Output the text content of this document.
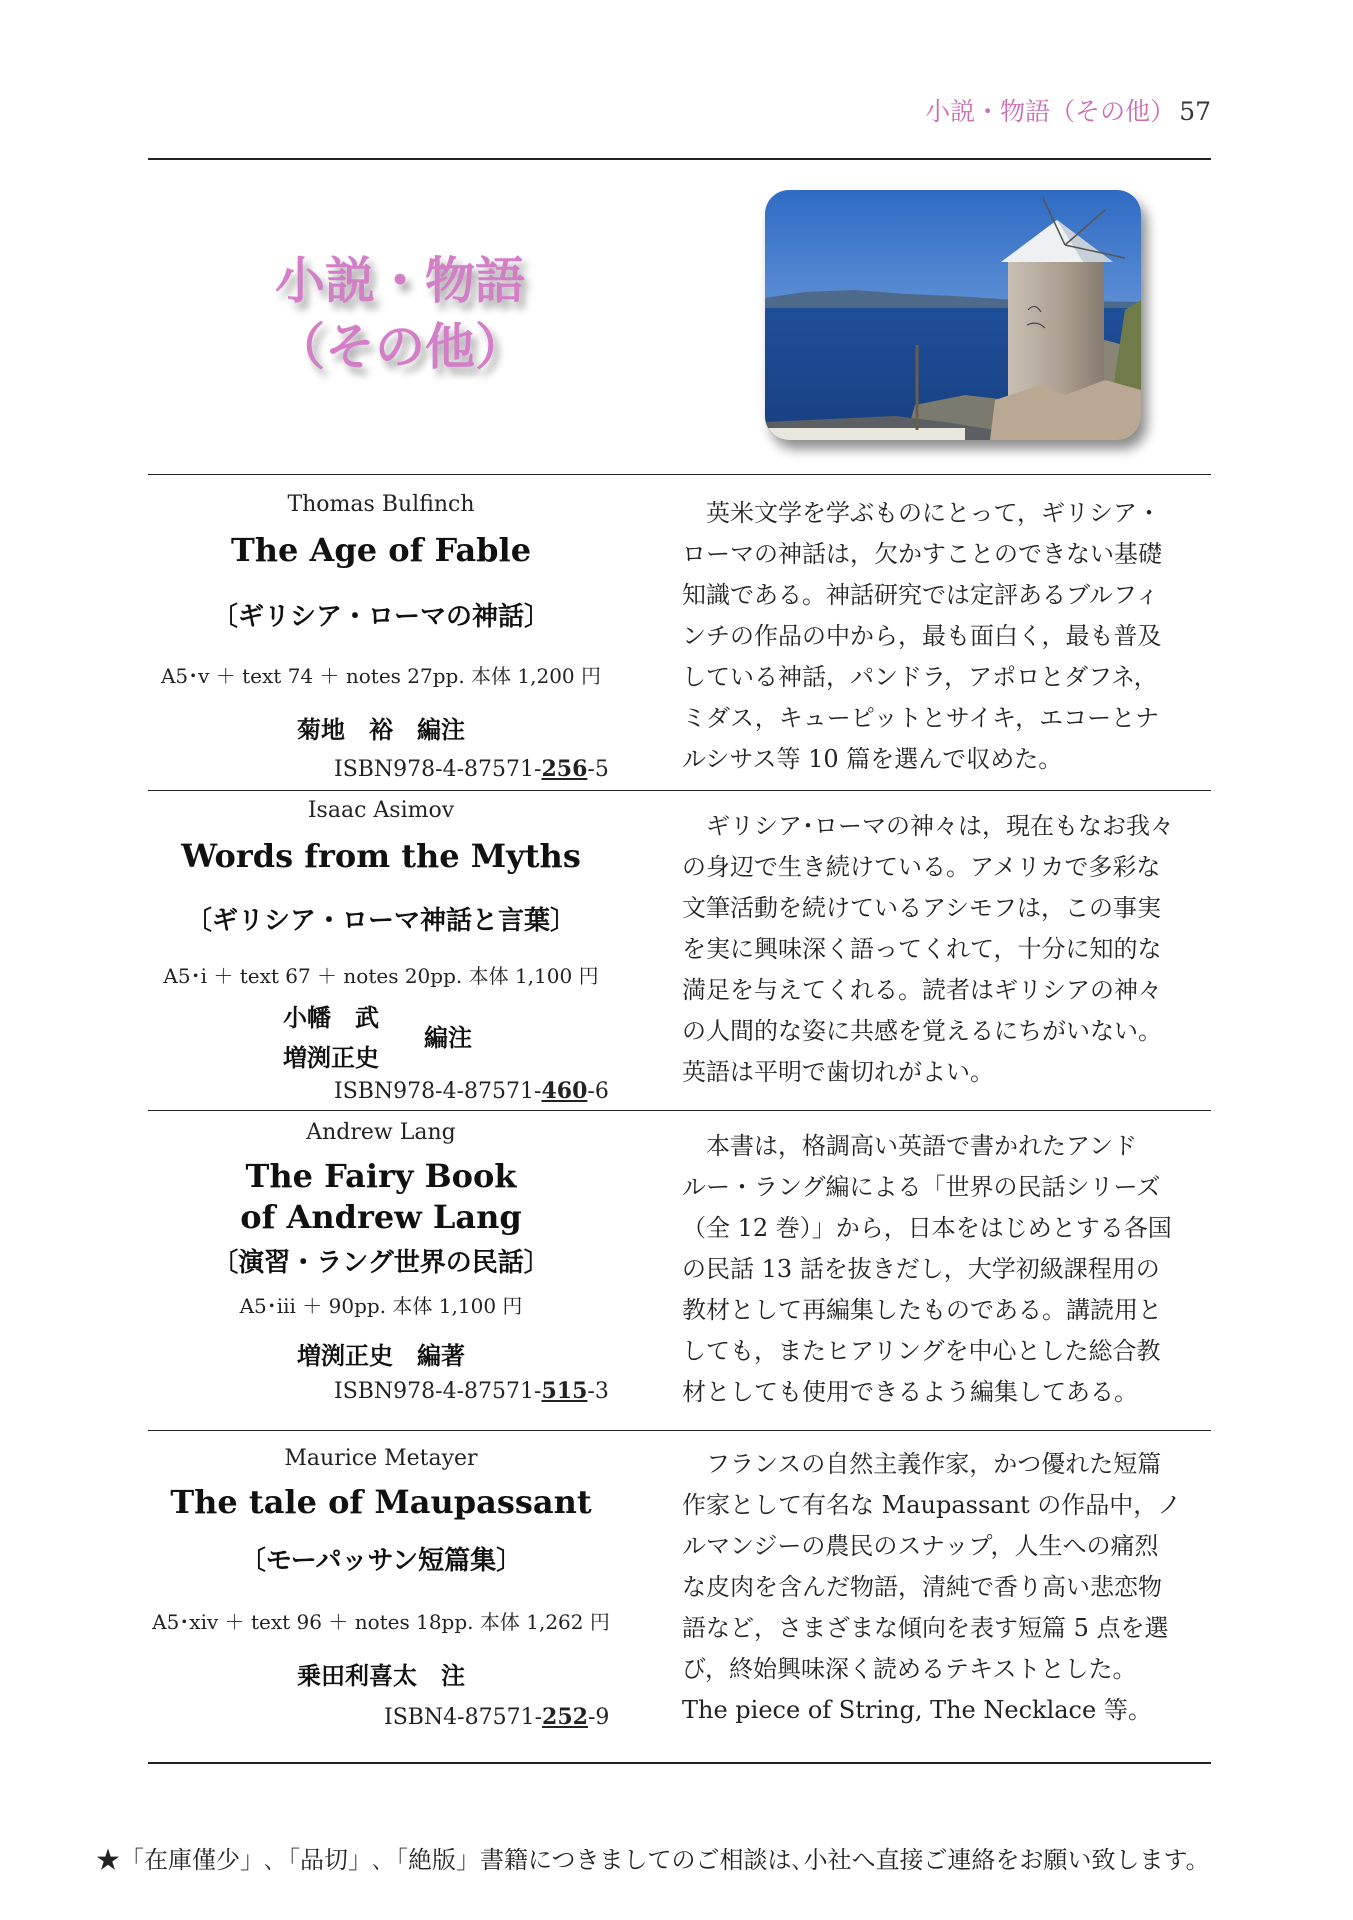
小説・物語（その他） 57
小説・物語
（その他）
Thomas Bulfinch
The Age of Fable
〔ギリシア・ローマの神話〕
A5･v ＋ text 74 ＋ notes 27pp. 本体 1,200 円
菊地　裕　編注
ISBN978-4-87571-256-5
　英米文学を学ぶものにとって，ギリシア・
ローマの神話は，欠かすことのできない基礎
知識である。神話研究では定評あるブルフィ
ンチの作品の中から，最も面白く，最も普及
している神話，パンドラ，アポロとダフネ，
ミダス，キューピットとサイキ，エコーとナ
ルシサス等 10 篇を選んで収めた。
Isaac Asimov
Words from the Myths
〔ギリシア・ローマ神話と言葉〕
A5･i ＋ text 67 ＋ notes 20pp. 本体 1,100 円
小幡　武
増渕正史
編注
ISBN978-4-87571-460-6
　ギリシア･ローマの神々は，現在もなお我々
の身辺で生き続けている。アメリカで多彩な
文筆活動を続けているアシモフは，この事実
を実に興味深く語ってくれて，十分に知的な
満足を与えてくれる。読者はギリシアの神々
の人間的な姿に共感を覚えるにちがいない。
英語は平明で歯切れがよい。
Andrew Lang
The Fairy Book
of Andrew Lang
〔演習・ラング世界の民話〕
A5･iii ＋ 90pp. 本体 1,100 円
増渕正史　編著
ISBN978-4-87571-515-3
　本書は，格調高い英語で書かれたアンド
ルー・ラング編による「世界の民話シリーズ
（全 12 巻）」から，日本をはじめとする各国
の民話 13 話を抜きだし，大学初級課程用の
教材として再編集したものである。講読用と
しても，またヒアリングを中心とした総合教
材としても使用できるよう編集してある。
Maurice Metayer
The tale of Maupassant
〔モーパッサン短篇集〕
A5･xiv ＋ text 96 ＋ notes 18pp. 本体 1,262 円
乗田利喜太　注
ISBN4-87571-252-9
　フランスの自然主義作家，かつ優れた短篇
作家として有名な Maupassant の作品中，ノ
ルマンジーの農民のスナップ，人生への痛烈
な皮肉を含んだ物語，清純で香り高い悲恋物
語など，さまざまな傾向を表す短篇 5 点を選
び，終始興味深く読めるテキストとした。
The piece of String, The Necklace 等。
★「在庫僅少」､「品切」､「絶版」書籍につきましてのご相談は､小社へ直接ご連絡をお願い致します。
